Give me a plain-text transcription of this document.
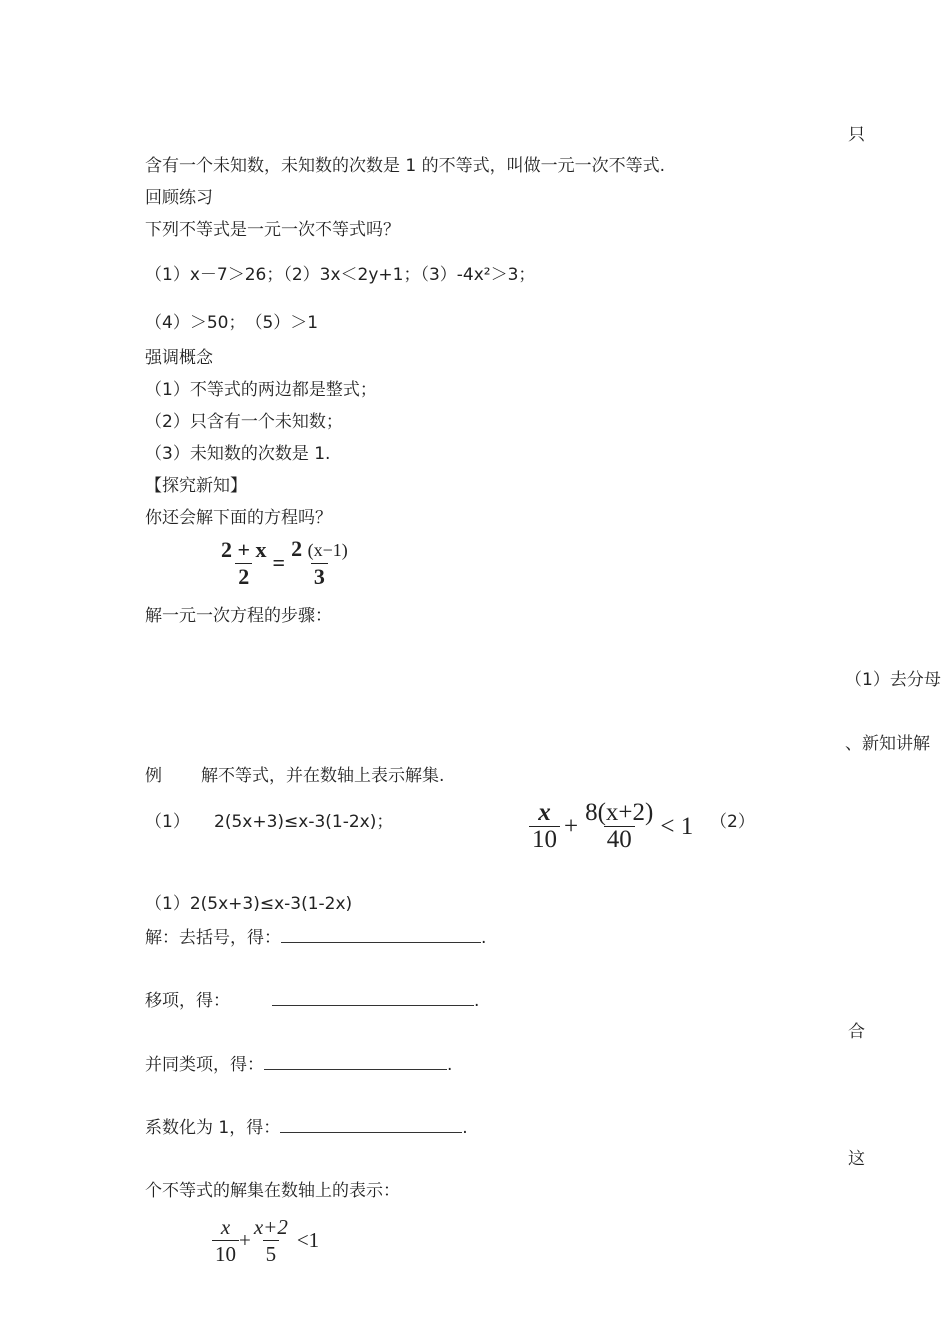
只
（1）去分母
、新知讲解
合
这
含有一个未知数，未知数的次数是 1 的不等式，叫做一元一次不等式.
回顾练习
下列不等式是一元一次不等式吗？
（1）x－7＞26；（2）3x＜2y+1；（3）-4x²＞3；
（4）＞50；　（5）＞1
强调概念
（1）不等式的两边都是整式；
（2）只含有一个未知数；
（3）未知数的次数是 1.
【探究新知】
你还会解下面的方程吗？
$\frac{2 + x}{2} = \frac{2 (x-1)}{3}$
解一元一次方程的步骤：
例 解不等式，并在数轴上表示解集.
（1） 2(5x+3)≤x-3(1-2x)；	$\frac{x}{10} + \frac{8(x+2)}{40} < 1$ （2）
（1）2(5x+3)≤x-3(1-2x)
解：去括号，得：	.
移项，得：	.
并同类项，得：	.
系数化为 1，得：	.
个不等式的解集在数轴上的表示：
$\frac{x}{10} + \frac{x+2}{5} <1$
